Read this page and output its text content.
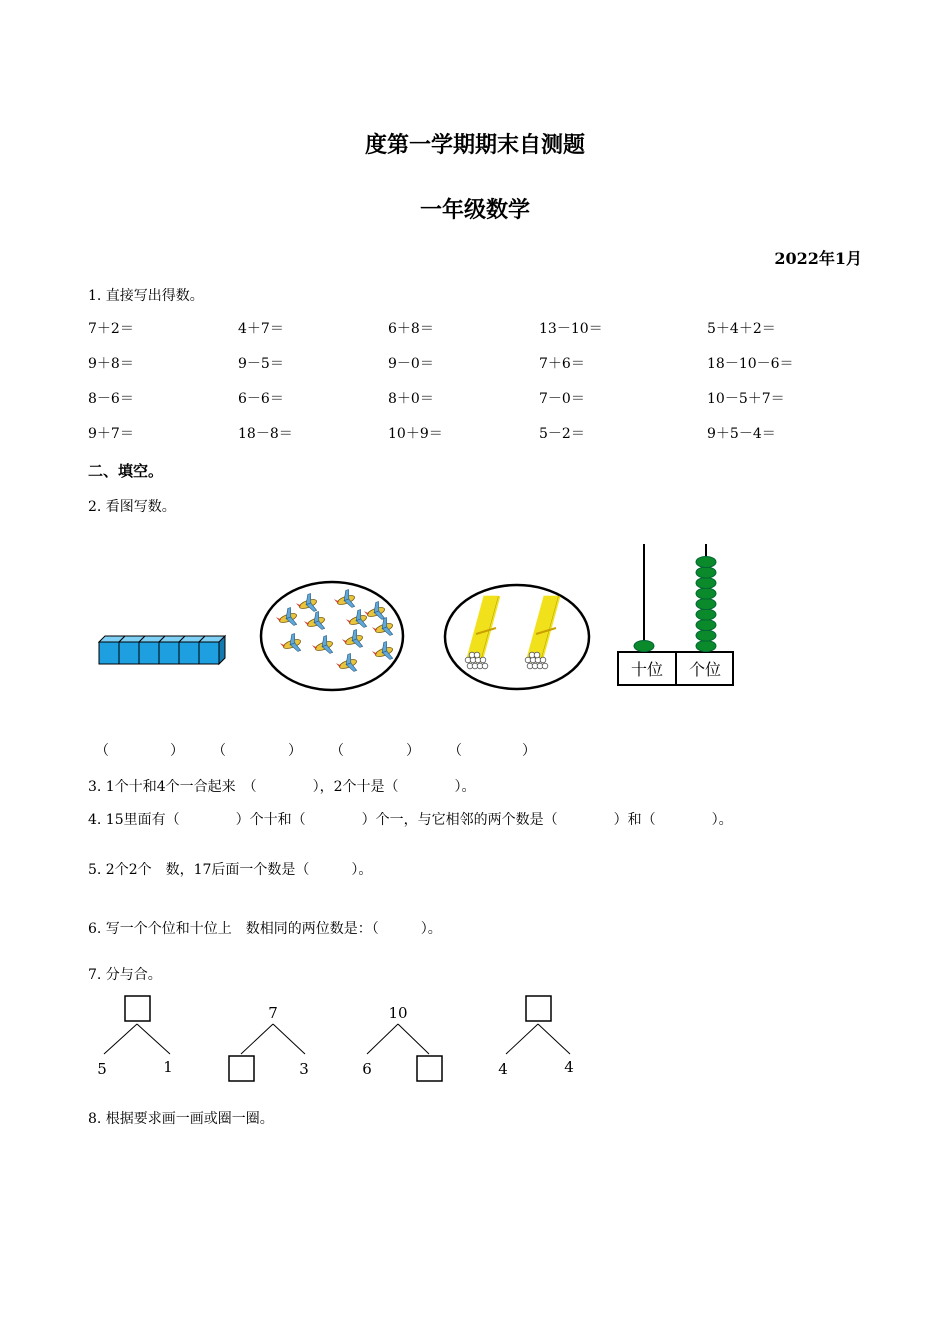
度第一学期期末自测题
一年级数学
2022年1月
1. 直接写出得数。
7＋2＝	4＋7＝	6＋8＝	13－10＝	5＋4＋2＝
9＋8＝	9－5＝	9－0＝	7＋6＝	18－10－6＝
8－6＝	6－6＝	8＋0＝	7－0＝	10－5＋7＝
9＋7＝	18－8＝	10＋9＝	5－2＝	9＋5－4＝
二、填空。
2. 看图写数。
十位 个位
（	） （	） （	） （	）
3. 1个十和4个一合起来　（　　　　），2个十是（　　　　）。
4. 15里面有（　　　　）个十和（　　　　）个一，与它相邻的两个数是（　　　　）和（　　　　）。
5. 2个2个　数，17后面一个数是（　　　）。
6. 写一个个位和十位上　数相同的两位数是：（　　　）。
7. 分与合。
5	1
7
3
10
6	4	4
8. 根据要求画一画或圈一圈。
